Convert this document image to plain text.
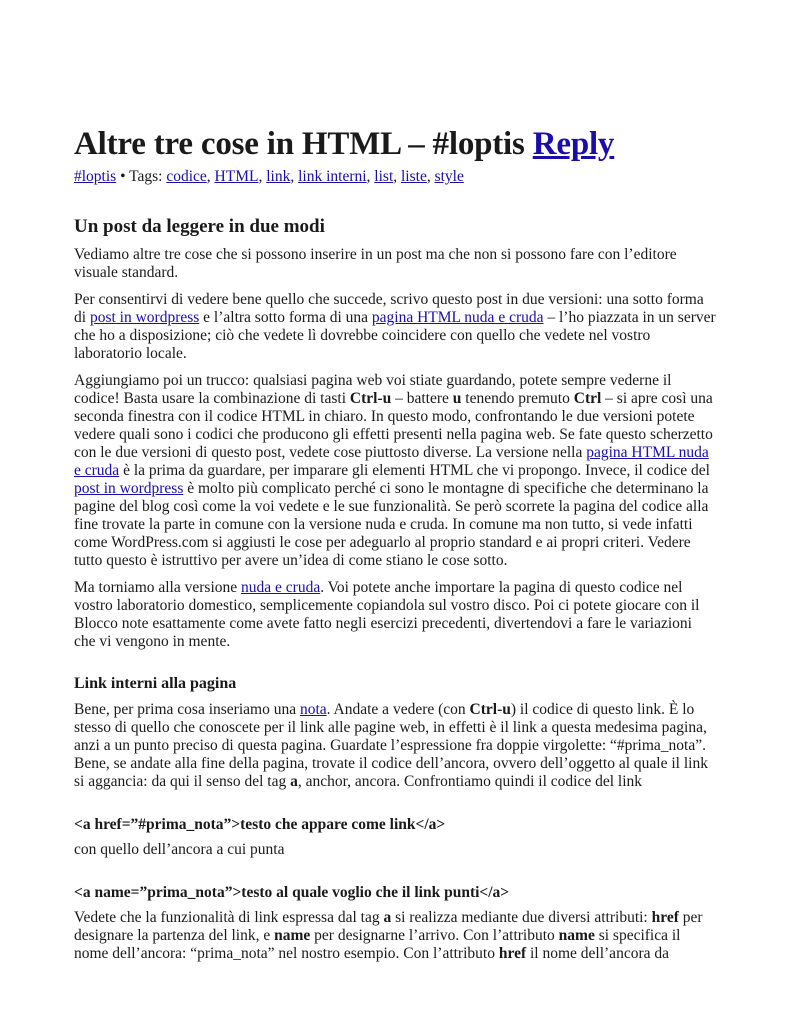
Altre tre cose in HTML – #loptis Reply
#loptis • Tags: codice, HTML, link, link interni, list, liste, style
Un post da leggere in due modi

Vediamo altre tre cose che si possono inserire in un post ma che non si possono fare con l’editore visuale standard.

Per consentirvi di vedere bene quello che succede, scrivo questo post in due versioni: una sotto forma di post in wordpress e l’altra sotto forma di una pagina HTML nuda e cruda – l’ho piazzata in un server che ho a disposizione; ciò che vedete lì dovrebbe coincidere con quello che vedete nel vostro laboratorio locale.

Aggiungiamo poi un trucco: qualsiasi pagina web voi stiate guardando, potete sempre vederne il codice! Basta usare la combinazione di tasti Ctrl-u – battere u tenendo premuto Ctrl – si apre così una seconda finestra con il codice HTML in chiaro. In questo modo, confrontando le due versioni potete vedere quali sono i codici che producono gli effetti presenti nella pagina web. Se fate questo scherzetto con le due versioni di questo post, vedete cose piuttosto diverse. La versione nella pagina HTML nuda e cruda è la prima da guardare, per imparare gli elementi HTML che vi propongo. Invece, il codice del post in wordpress è molto più complicato perché ci sono le montagne di specifiche che determinano la pagine del blog così come la voi vedete e le sue funzionalità. Se però scorrete la pagina del codice alla fine trovate la parte in comune con la versione nuda e cruda. In comune ma non tutto, si vede infatti come WordPress.com si aggiusti le cose per adeguarlo al proprio standard e ai propri criteri. Vedere tutto questo è istruttivo per avere un’idea di come stiano le cose sotto.

Ma torniamo alla versione nuda e cruda. Voi potete anche importare la pagina di questo codice nel vostro laboratorio domestico, semplicemente copiandola sul vostro disco. Poi ci potete giocare con il Blocco note esattamente come avete fatto negli esercizi precedenti, divertendovi a fare le variazioni che vi vengono in mente.

Link interni alla pagina

Bene, per prima cosa inseriamo una nota. Andate a vedere (con Ctrl-u) il codice di questo link. È lo stesso di quello che conoscete per il link alle pagine web, in effetti è il link a questa medesima pagina, anzi a un punto preciso di questa pagina. Guardate l’espressione fra doppie virgolette: “#prima_nota”. Bene, se andate alla fine della pagina, trovate il codice dell’ancora, ovvero dell’oggetto al quale il link si aggancia: da qui il senso del tag a, anchor, ancora. Confrontiamo quindi il codice del link

<a href=”#prima_nota”>testo che appare come link</a>

con quello dell’ancora a cui punta

<a name=”prima_nota”>testo al quale voglio che il link punti</a>

Vedete che la funzionalità di link espressa dal tag a si realizza mediante due diversi attributi: href per designare la partenza del link, e name per designarne l’arrivo. Con l’attributo name si specifica il nome dell’ancora: “prima_nota” nel nostro esempio. Con l’attributo href il nome dell’ancora da
